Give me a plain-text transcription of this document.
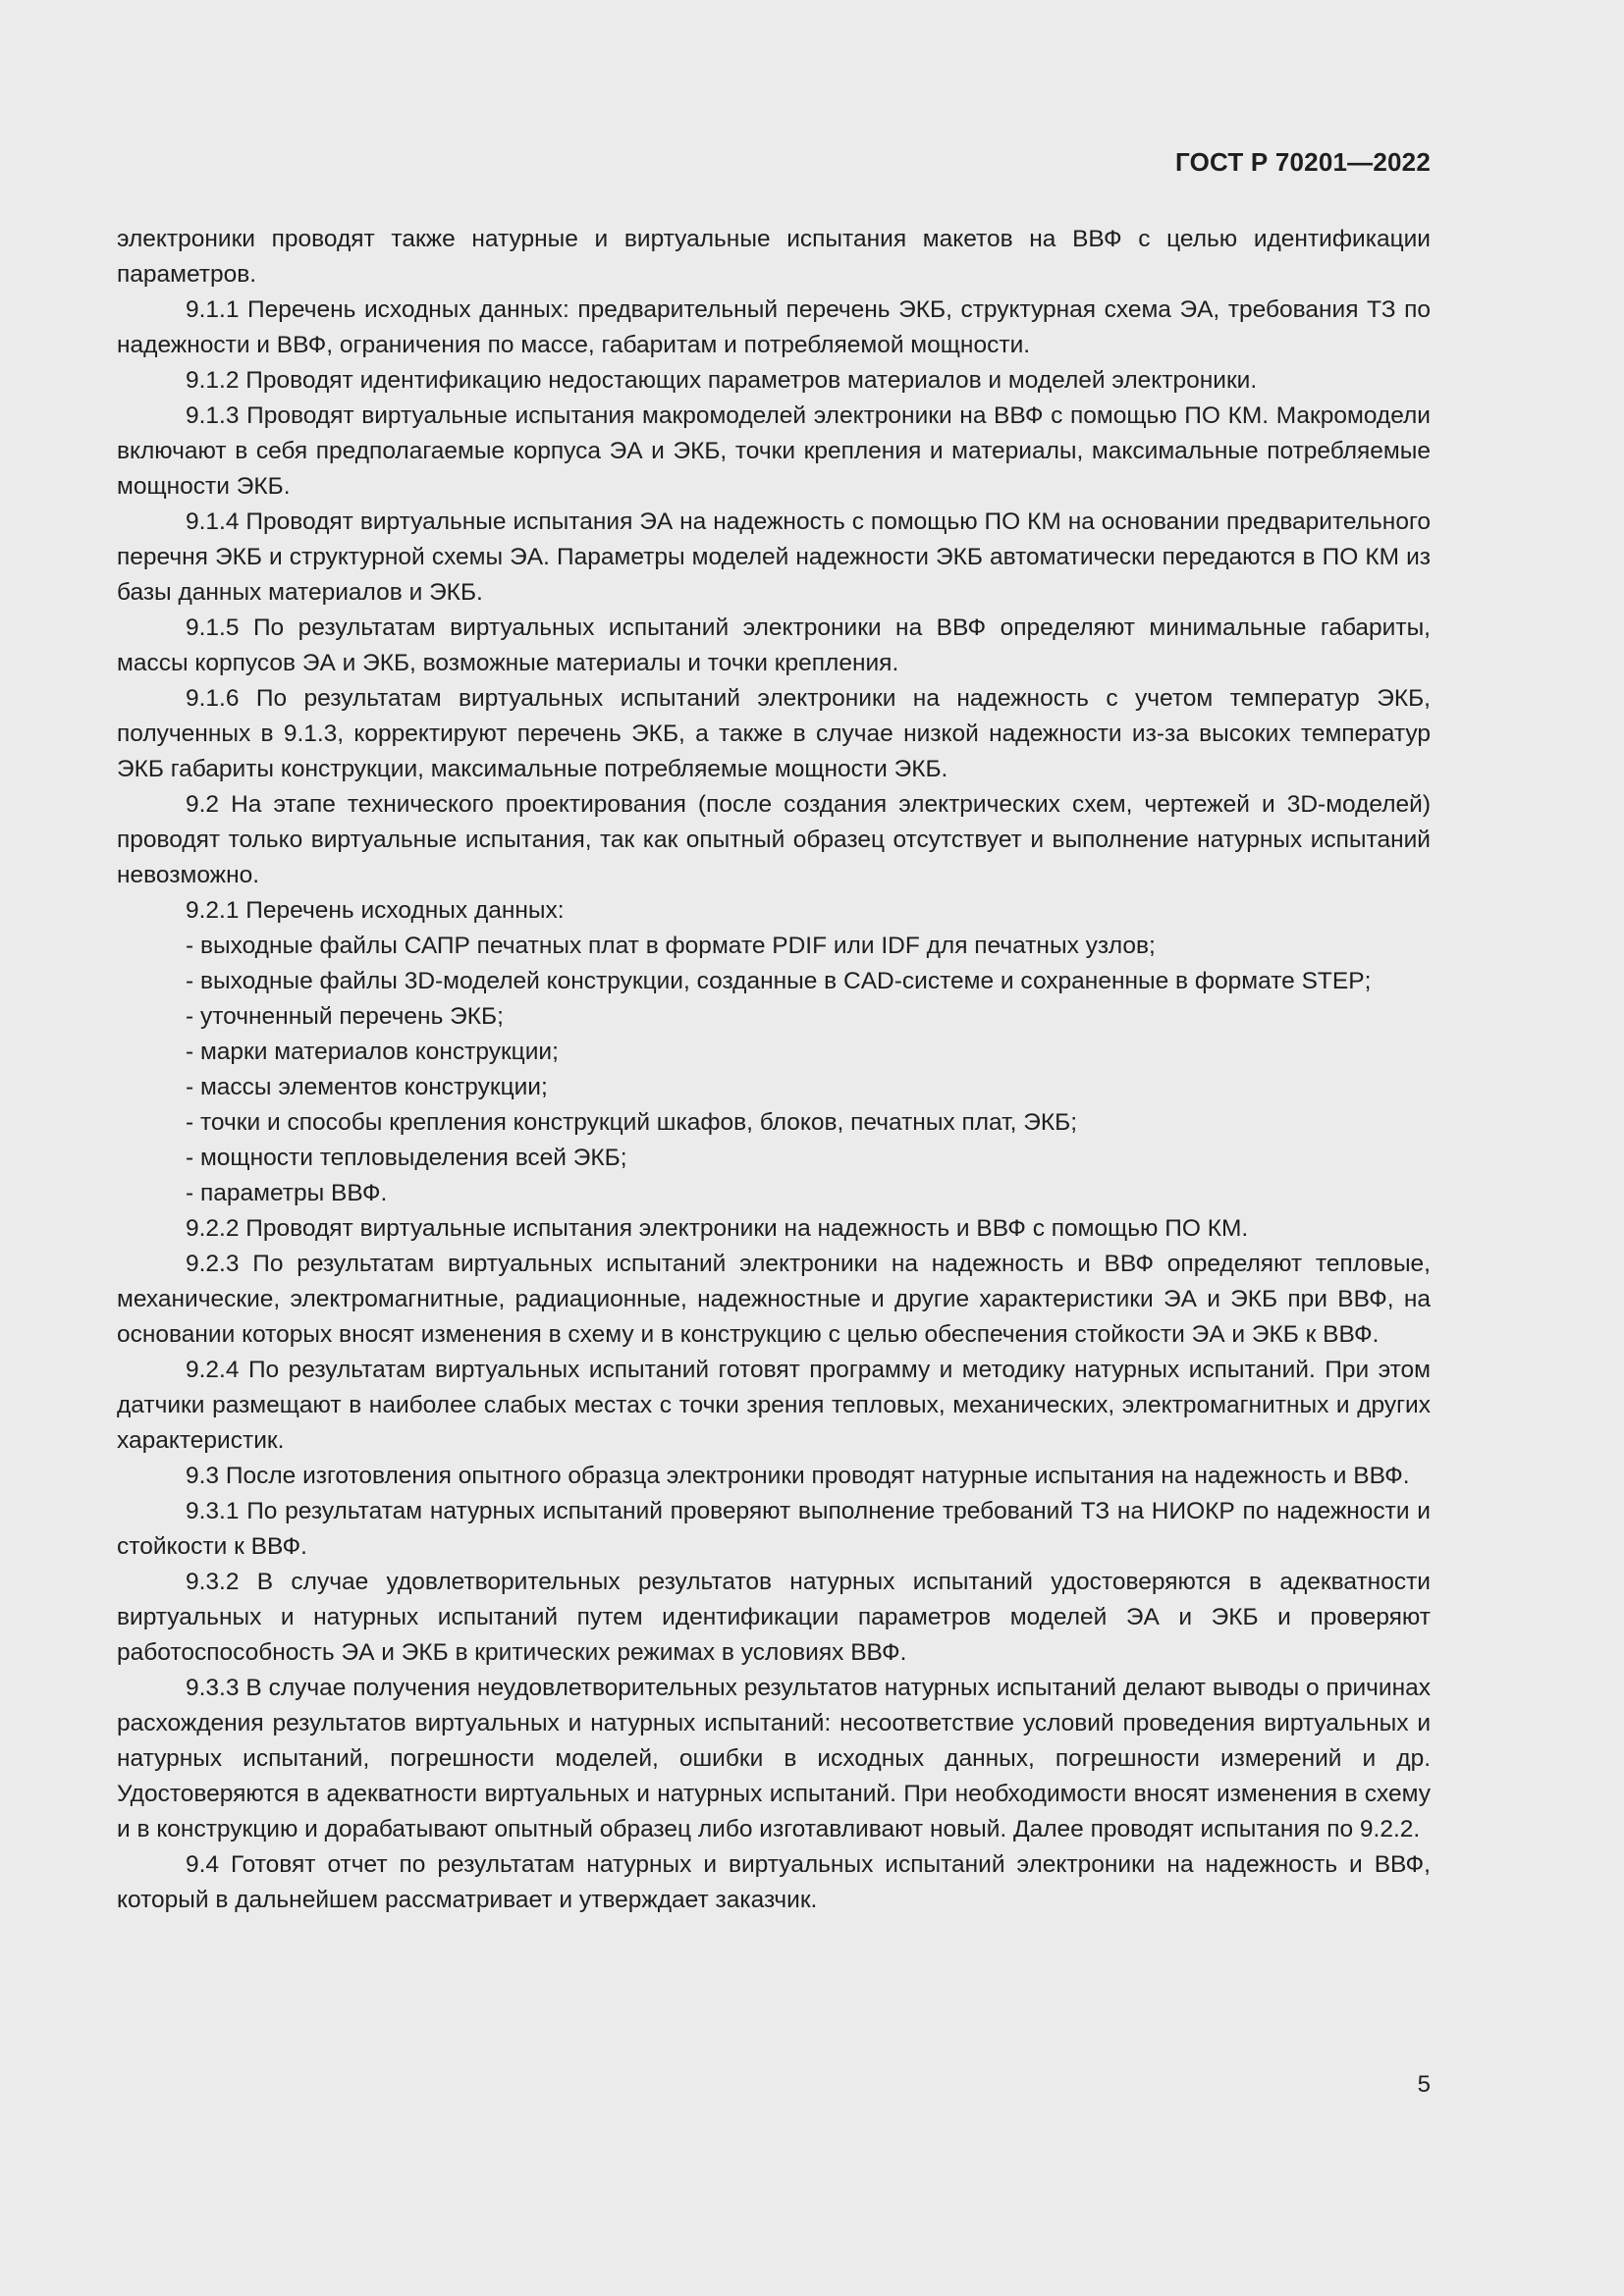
ГОСТ Р 70201—2022

электроники проводят также натурные и виртуальные испытания макетов на ВВФ с целью идентификации параметров.

9.1.1 Перечень исходных данных: предварительный перечень ЭКБ, структурная схема ЭА, требования ТЗ по надежности и ВВФ, ограничения по массе, габаритам и потребляемой мощности.

9.1.2 Проводят идентификацию недостающих параметров материалов и моделей электроники.

9.1.3 Проводят виртуальные испытания макромоделей электроники на ВВФ с помощью ПО КМ. Макромодели включают в себя предполагаемые корпуса ЭА и ЭКБ, точки крепления и материалы, максимальные потребляемые мощности ЭКБ.

9.1.4 Проводят виртуальные испытания ЭА на надежность с помощью ПО КМ на основании предварительного перечня ЭКБ и структурной схемы ЭА. Параметры моделей надежности ЭКБ автоматически передаются в ПО КМ из базы данных материалов и ЭКБ.

9.1.5 По результатам виртуальных испытаний электроники на ВВФ определяют минимальные габариты, массы корпусов ЭА и ЭКБ, возможные материалы и точки крепления.

9.1.6 По результатам виртуальных испытаний электроники на надежность с учетом температур ЭКБ, полученных в 9.1.3, корректируют перечень ЭКБ, а также в случае низкой надежности из-за высоких температур ЭКБ габариты конструкции, максимальные потребляемые мощности ЭКБ.

9.2 На этапе технического проектирования (после создания электрических схем, чертежей и 3D-моделей) проводят только виртуальные испытания, так как опытный образец отсутствует и выполнение натурных испытаний невозможно.

9.2.1 Перечень исходных данных:

- выходные файлы САПР печатных плат в формате PDIF или IDF для печатных узлов;

- выходные файлы 3D-моделей конструкции, созданные в CAD-системе и сохраненные в формате STEP;

- уточненный перечень ЭКБ;

- марки материалов конструкции;

- массы элементов конструкции;

- точки и способы крепления конструкций шкафов, блоков, печатных плат, ЭКБ;

- мощности тепловыделения всей ЭКБ;

- параметры ВВФ.

9.2.2 Проводят виртуальные испытания электроники на надежность и ВВФ с помощью ПО КМ.

9.2.3 По результатам виртуальных испытаний электроники на надежность и ВВФ определяют тепловые, механические, электромагнитные, радиационные, надежностные и другие характеристики ЭА и ЭКБ при ВВФ, на основании которых вносят изменения в схему и в конструкцию с целью обеспечения стойкости ЭА и ЭКБ к ВВФ.

9.2.4 По результатам виртуальных испытаний готовят программу и методику натурных испытаний. При этом датчики размещают в наиболее слабых местах с точки зрения тепловых, механических, электромагнитных и других характеристик.

9.3 После изготовления опытного образца электроники проводят натурные испытания на надежность и ВВФ.

9.3.1 По результатам натурных испытаний проверяют выполнение требований ТЗ на НИОКР по надежности и стойкости к ВВФ.

9.3.2 В случае удовлетворительных результатов натурных испытаний удостоверяются в адекватности виртуальных и натурных испытаний путем идентификации параметров моделей ЭА и ЭКБ и проверяют работоспособность ЭА и ЭКБ в критических режимах в условиях ВВФ.

9.3.3 В случае получения неудовлетворительных результатов натурных испытаний делают выводы о причинах расхождения результатов виртуальных и натурных испытаний: несоответствие условий проведения виртуальных и натурных испытаний, погрешности моделей, ошибки в исходных данных, погрешности измерений и др. Удостоверяются в адекватности виртуальных и натурных испытаний. При необходимости вносят изменения в схему и в конструкцию и дорабатывают опытный образец либо изготавливают новый. Далее проводят испытания по 9.2.2.

9.4 Готовят отчет по результатам натурных и виртуальных испытаний электроники на надежность и ВВФ, который в дальнейшем рассматривает и утверждает заказчик.

5
